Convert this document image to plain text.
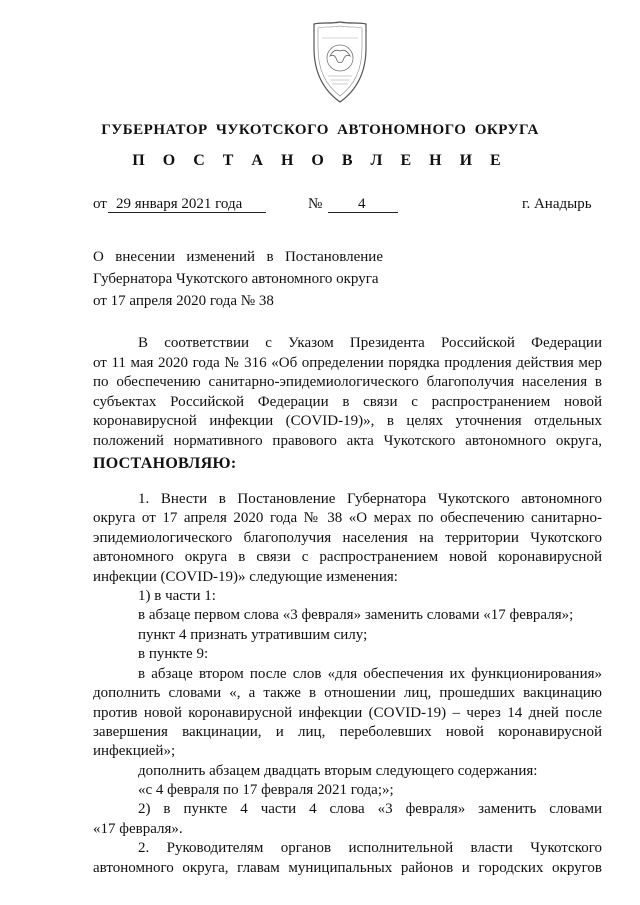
ГУБЕРНАТОР ЧУКОТСКОГО АВТОНОМНОГО ОКРУГА
П О С Т А Н О В Л Е Н И Е
от 29 января 2021 года	№ 4	г. Анадырь
О внесении изменений в Постановление
Губернатора Чукотского автономного округа
от 17 апреля 2020 года № 38
В соответствии с Указом Президента Российской Федерации
от 11 мая 2020 года № 316 «Об определении порядка продления действия мер
по обеспечению санитарно-эпидемиологического благополучия населения в
субъектах Российской Федерации в связи с распространением новой
коронавирусной инфекции (COVID-19)», в целях уточнения отдельных
положений нормативного правового акта Чукотского автономного округа,
ПОСТАНОВЛЯЮ:
1. Внести в Постановление Губернатора Чукотского автономного
округа от 17 апреля 2020 года № 38 «О мерах по обеспечению санитарно-
эпидемиологического благополучия населения на территории Чукотского
автономного округа в связи с распространением новой коронавирусной
инфекции (COVID-19)» следующие изменения:
1) в части 1:
в абзаце первом слова «3 февраля» заменить словами «17 февраля»;
пункт 4 признать утратившим силу;
в пункте 9:
в абзаце втором после слов «для обеспечения их функционирования»
дополнить словами «, а также в отношении лиц, прошедших вакцинацию
против новой коронавирусной инфекции (COVID-19) – через 14 дней после
завершения вакцинации, и лиц, переболевших новой коронавирусной
инфекцией»;
дополнить абзацем двадцать вторым следующего содержания:
«с 4 февраля по 17 февраля 2021 года;»;
2) в пункте 4 части 4 слова «3 февраля» заменить словами
«17 февраля».
2. Руководителям органов исполнительной власти Чукотского
автономного округа, главам муниципальных районов и городских округов
